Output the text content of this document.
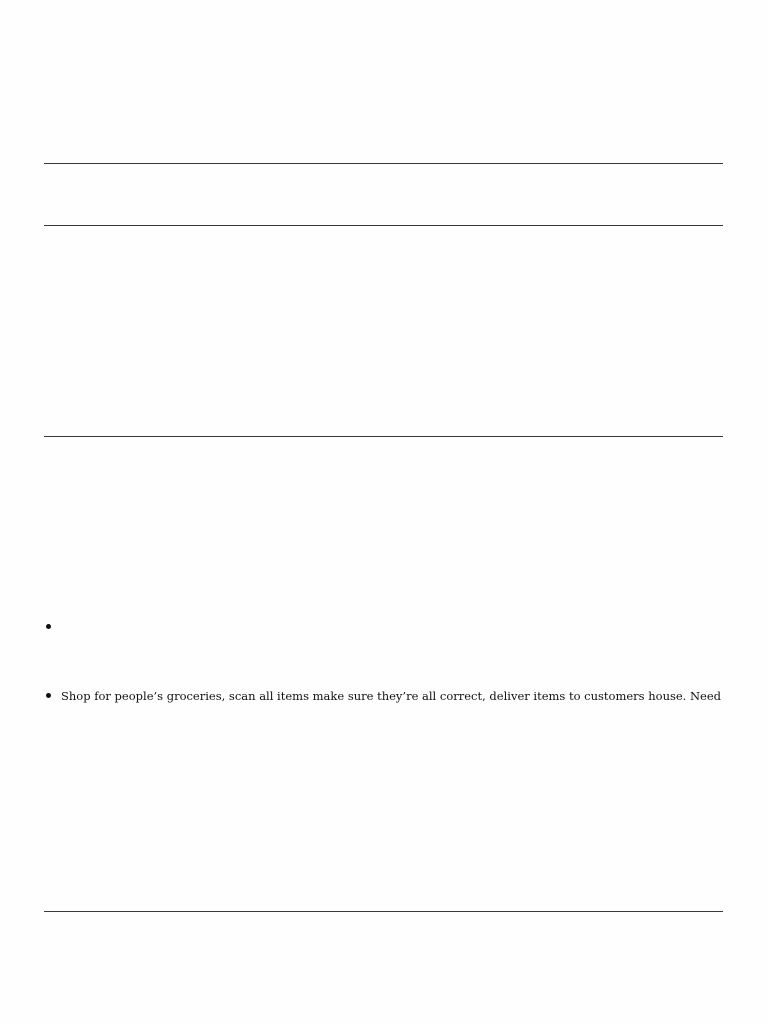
Shop for people’s groceries, scan all items make sure they’re all correct, deliver items to customers house. Need
